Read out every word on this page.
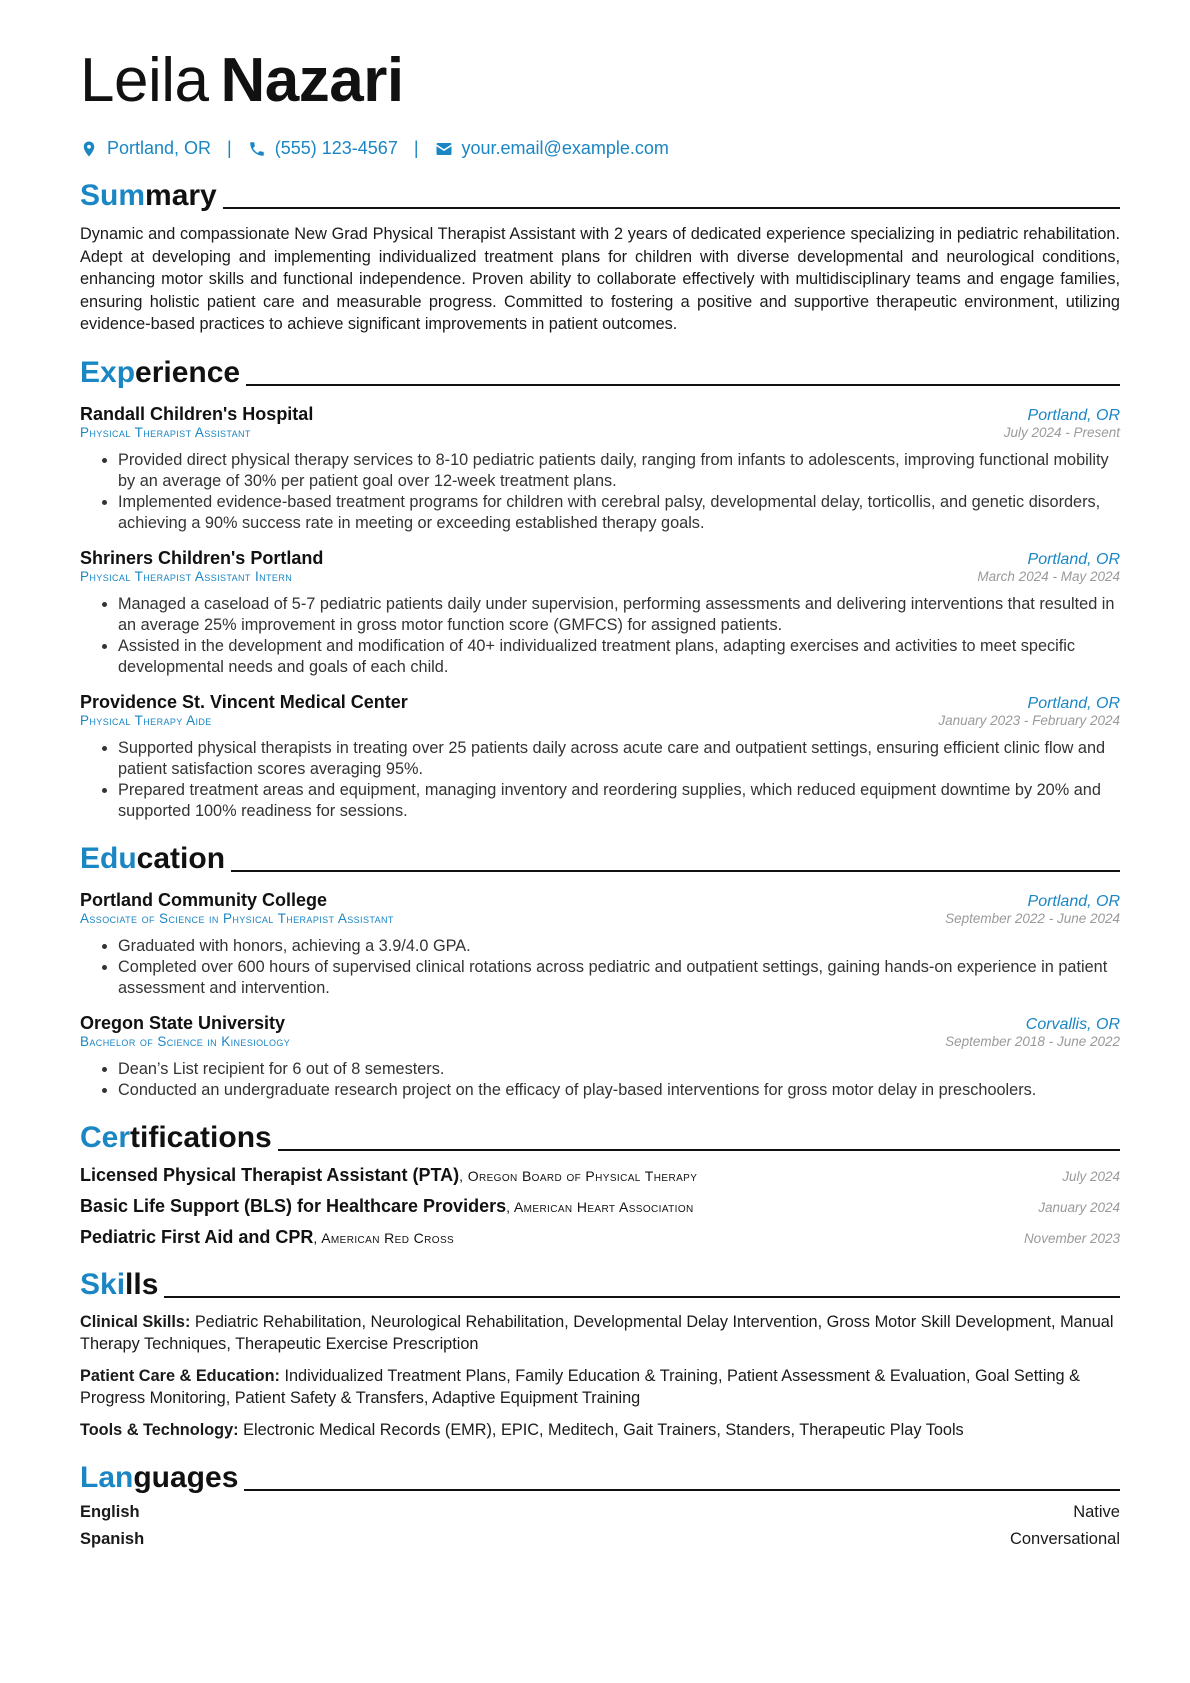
Leila Nazari
Portland, OR | (555) 123-4567 | your.email@example.com
Summary

Dynamic and compassionate New Grad Physical Therapist Assistant with 2 years of dedicated experience specializing in pediatric rehabilitation. Adept at developing and implementing individualized treatment plans for children with diverse developmental and neurological conditions, enhancing motor skills and functional independence. Proven ability to collaborate effectively with multidisciplinary teams and engage families, ensuring holistic patient care and measurable progress. Committed to fostering a positive and supportive therapeutic environment, utilizing evidence-based practices to achieve significant improvements in patient outcomes.

Experience
Randall Children's Hospital	Portland, OR
Physical Therapist Assistant	July 2024 - Present
• Provided direct physical therapy services to 8-10 pediatric patients daily, ranging from infants to adolescents, improving functional mobility by an average of 30% per patient goal over 12-week treatment plans.
• Implemented evidence-based treatment programs for children with cerebral palsy, developmental delay, torticollis, and genetic disorders, achieving a 90% success rate in meeting or exceeding established therapy goals.
Shriners Children's Portland	Portland, OR
Physical Therapist Assistant Intern	March 2024 - May 2024
• Managed a caseload of 5-7 pediatric patients daily under supervision, performing assessments and delivering interventions that resulted in an average 25% improvement in gross motor function score (GMFCS) for assigned patients.
• Assisted in the development and modification of 40+ individualized treatment plans, adapting exercises and activities to meet specific developmental needs and goals of each child.
Providence St. Vincent Medical Center	Portland, OR
Physical Therapy Aide	January 2023 - February 2024
• Supported physical therapists in treating over 25 patients daily across acute care and outpatient settings, ensuring efficient clinic flow and patient satisfaction scores averaging 95%.
• Prepared treatment areas and equipment, managing inventory and reordering supplies, which reduced equipment downtime by 20% and supported 100% readiness for sessions.
Education
Portland Community College	Portland, OR
Associate of Science in Physical Therapist Assistant	September 2022 - June 2024
• Graduated with honors, achieving a 3.9/4.0 GPA.
• Completed over 600 hours of supervised clinical rotations across pediatric and outpatient settings, gaining hands-on experience in patient assessment and intervention.
Oregon State University	Corvallis, OR
Bachelor of Science in Kinesiology	September 2018 - June 2022
• Dean’s List recipient for 6 out of 8 semesters.
• Conducted an undergraduate research project on the efficacy of play-based interventions for gross motor delay in preschoolers.
Certifications
Licensed Physical Therapist Assistant (PTA), Oregon Board of Physical Therapy	July 2024
Basic Life Support (BLS) for Healthcare Providers, American Heart Association	January 2024
Pediatric First Aid and CPR, American Red Cross	November 2023
Skills
Clinical Skills: Pediatric Rehabilitation, Neurological Rehabilitation, Developmental Delay Intervention, Gross Motor Skill Development, Manual Therapy Techniques, Therapeutic Exercise Prescription
Patient Care & Education: Individualized Treatment Plans, Family Education & Training, Patient Assessment & Evaluation, Goal Setting & Progress Monitoring, Patient Safety & Transfers, Adaptive Equipment Training
Tools & Technology: Electronic Medical Records (EMR), EPIC, Meditech, Gait Trainers, Standers, Therapeutic Play Tools
Languages
English	Native
Spanish	Conversational
